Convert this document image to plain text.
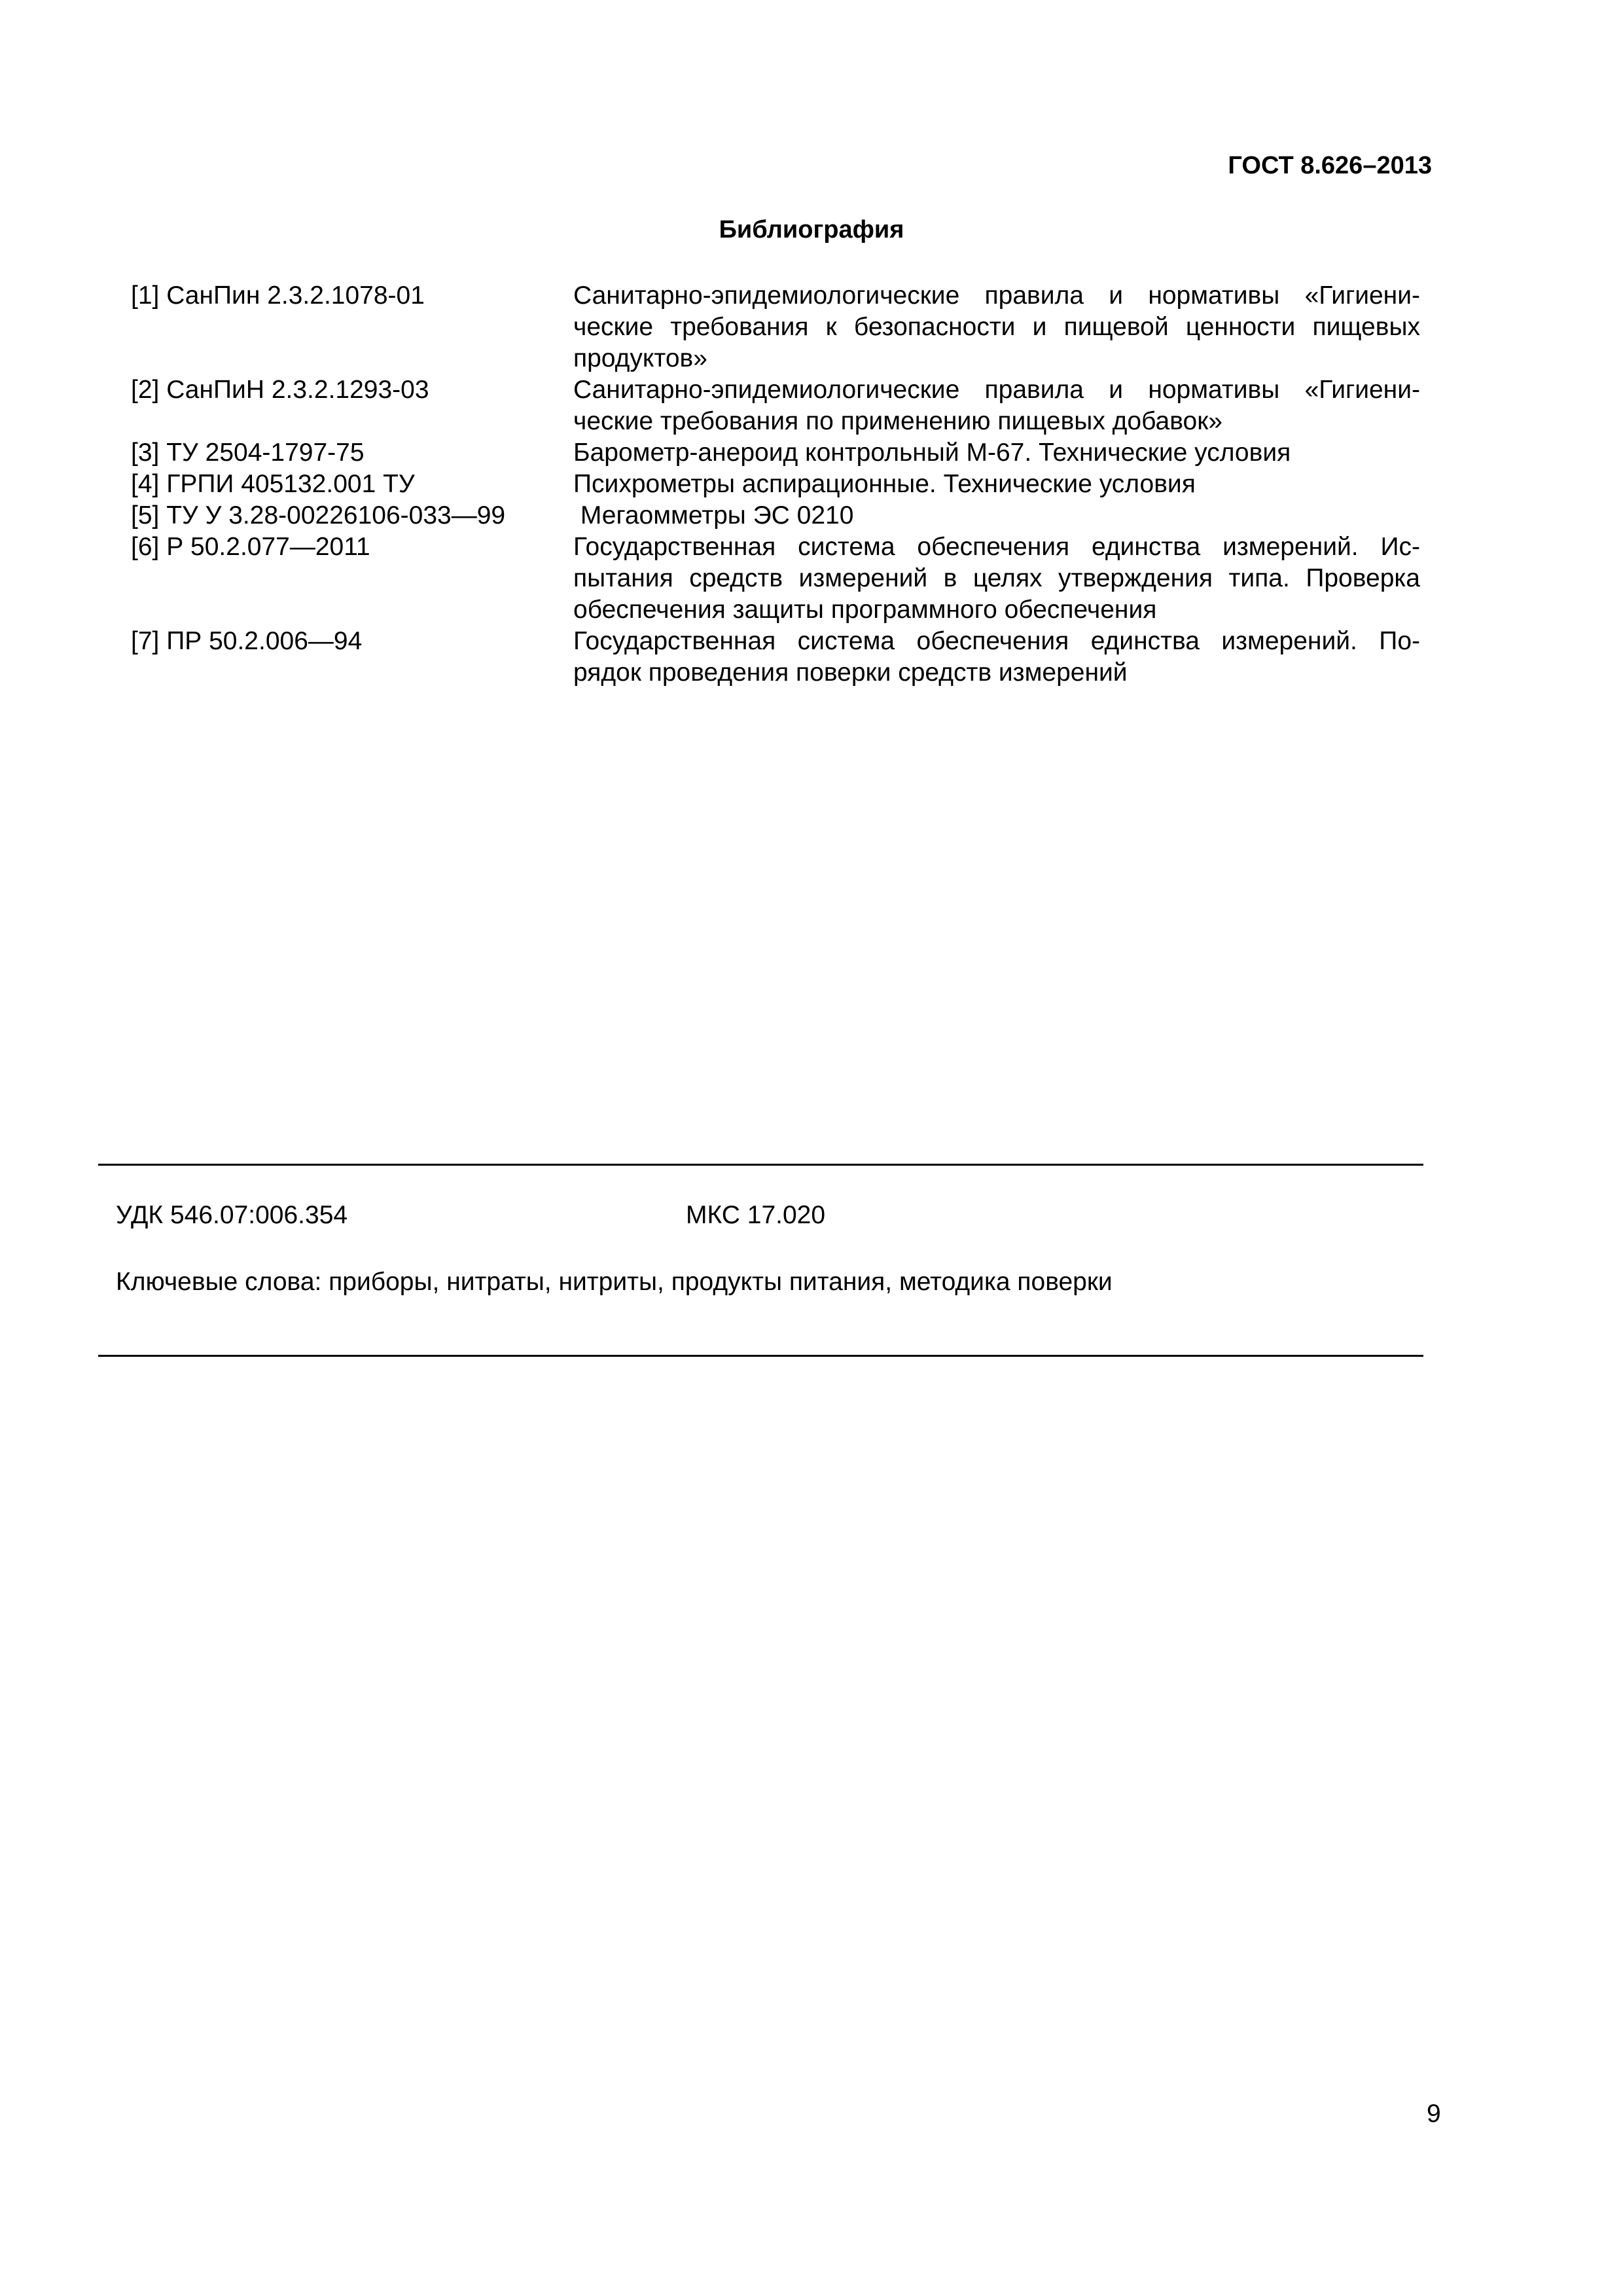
ГОСТ 8.626–2013
Библиография
[1] СанПин 2.3.2.1078-01	Санитарно-эпидемиологические правила и нормативы «Гигиени-
ческие требования к безопасности и пищевой ценности пищевых
продуктов»
[2] СанПиН 2.3.2.1293-03	Санитарно-эпидемиологические правила и нормативы «Гигиени-
ческие требования по применению пищевых добавок»
[3] ТУ 2504-1797-75	Барометр-анероид контрольный М-67. Технические условия
[4] ГРПИ 405132.001 ТУ	Психрометры аспирационные. Технические условия
[5] ТУ У 3.28-00226106-033—99	Мегаомметры ЭС 0210
[6] Р 50.2.077—2011	Государственная система обеспечения единства измерений. Ис-
пытания средств измерений в целях утверждения типа. Проверка
обеспечения защиты программного обеспечения
[7] ПР 50.2.006—94	Государственная система обеспечения единства измерений. По-
рядок проведения поверки средств измерений
УДК 546.07:006.354	МКС 17.020
Ключевые слова: приборы, нитраты, нитриты, продукты питания, методика поверки
9
